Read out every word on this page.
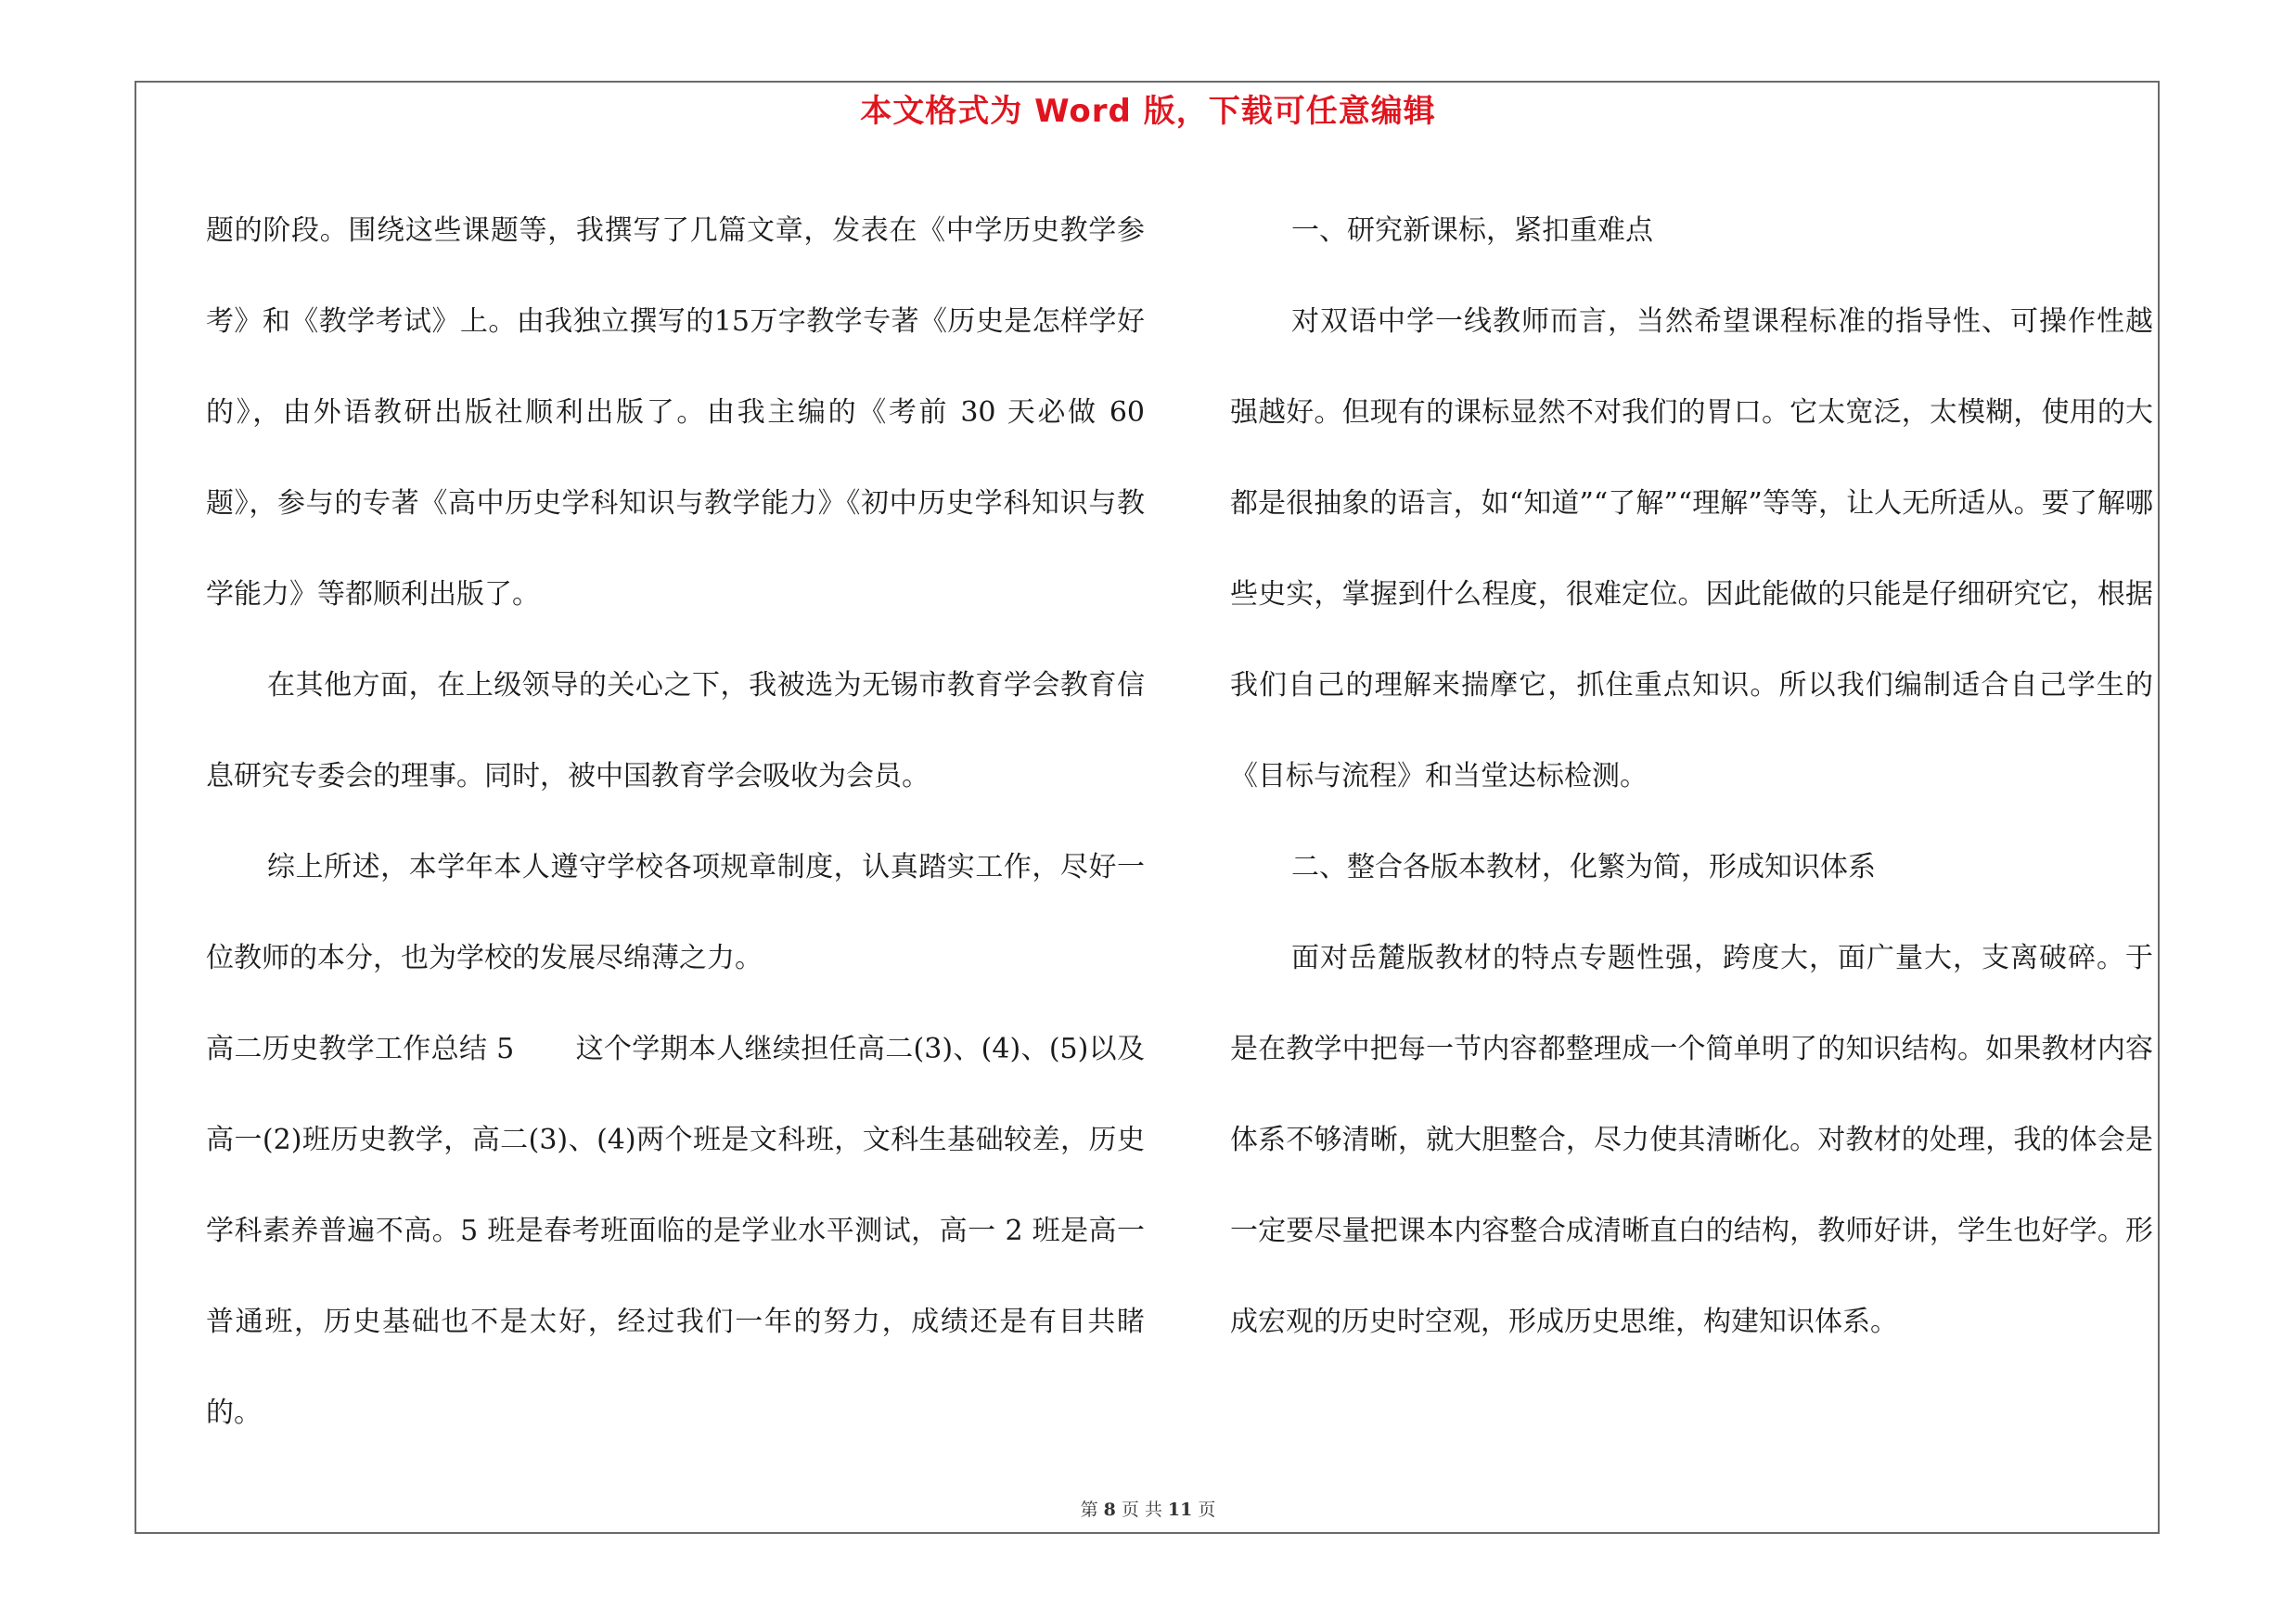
本文格式为 Word 版，下载可任意编辑

题的阶段。围绕这些课题等，我撰写了几篇文章，发表在《中学历史教学参考》和《教学考试》上。由我独立撰写的15万字教学专著《历史是怎样学好的》，由外语教研出版社顺利出版了。由我主编的《考前 30 天必做 60 题》，参与的专著《高中历史学科知识与教学能力》《初中历史学科知识与教学能力》等都顺利出版了。

在其他方面，在上级领导的关心之下，我被选为无锡市教育学会教育信息研究专委会的理事。同时，被中国教育学会吸收为会员。

综上所述，本学年本人遵守学校各项规章制度，认真踏实工作，尽好一位教师的本分，也为学校的发展尽绵薄之力。

高二历史教学工作总结 5 这个学期本人继续担任高二(3)、(4)、(5)以及高一(2)班历史教学，高二(3)、(4)两个班是文科班，文科生基础较差，历史学科素养普遍不高。5 班是春考班面临的是学业水平测试，高一 2 班是高一普通班，历史基础也不是太好，经过我们一年的努力，成绩还是有目共睹的。

一、研究新课标，紧扣重难点

对双语中学一线教师而言，当然希望课程标准的指导性、可操作性越强越好。但现有的课标显然不对我们的胃口。它太宽泛，太模糊，使用的大都是很抽象的语言，如“知道”“了解”“理解”等等，让人无所适从。要了解哪些史实，掌握到什么程度，很难定位。因此能做的只能是仔细研究它，根据我们自己的理解来揣摩它，抓住重点知识。所以我们编制适合自己学生的《目标与流程》和当堂达标检测。

二、整合各版本教材，化繁为简，形成知识体系

面对岳麓版教材的特点专题性强，跨度大，面广量大，支离破碎。于是在教学中把每一节内容都整理成一个简单明了的知识结构。如果教材内容体系不够清晰，就大胆整合，尽力使其清晰化。对教材的处理，我的体会是一定要尽量把课本内容整合成清晰直白的结构，教师好讲，学生也好学。形成宏观的历史时空观，形成历史思维，构建知识体系。

第 8 页 共 11 页
